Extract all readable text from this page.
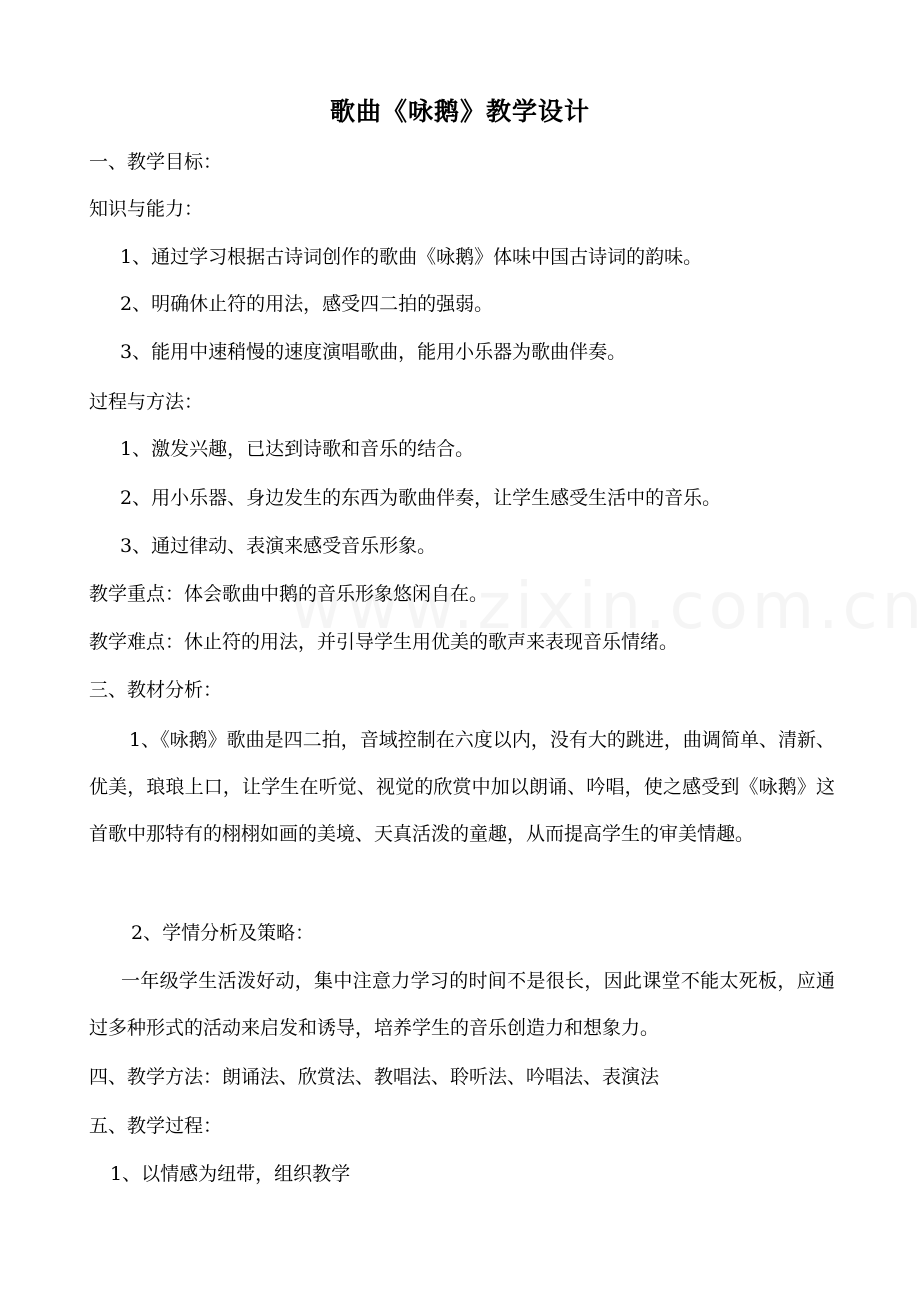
歌曲《咏鹅》教学设计
一、教学目标：
知识与能力：
1、通过学习根据古诗词创作的歌曲《咏鹅》体味中国古诗词的韵味。
2、明确休止符的用法，感受四二拍的强弱。
3、能用中速稍慢的速度演唱歌曲，能用小乐器为歌曲伴奏。
过程与方法：
1、激发兴趣，已达到诗歌和音乐的结合。
2、用小乐器、身边发生的东西为歌曲伴奏，让学生感受生活中的音乐。
3、通过律动、表演来感受音乐形象。
教学重点：体会歌曲中鹅的音乐形象悠闲自在。
教学难点：休止符的用法，并引导学生用优美的歌声来表现音乐情绪。
三、教材分析：
1、《咏鹅》歌曲是四二拍，音域控制在六度以内，没有大的跳进，曲调简单、清新、优美，琅琅上口，让学生在听觉、视觉的欣赏中加以朗诵、吟唱，使之感受到《咏鹅》这首歌中那特有的栩栩如画的美境、天真活泼的童趣，从而提高学生的审美情趣。
2、学情分析及策略：
一年级学生活泼好动，集中注意力学习的时间不是很长，因此课堂不能太死板，应通过多种形式的活动来启发和诱导，培养学生的音乐创造力和想象力。
四、教学方法：朗诵法、欣赏法、教唱法、聆听法、吟唱法、表演法
五、教学过程：
1、以情感为纽带，组织教学
